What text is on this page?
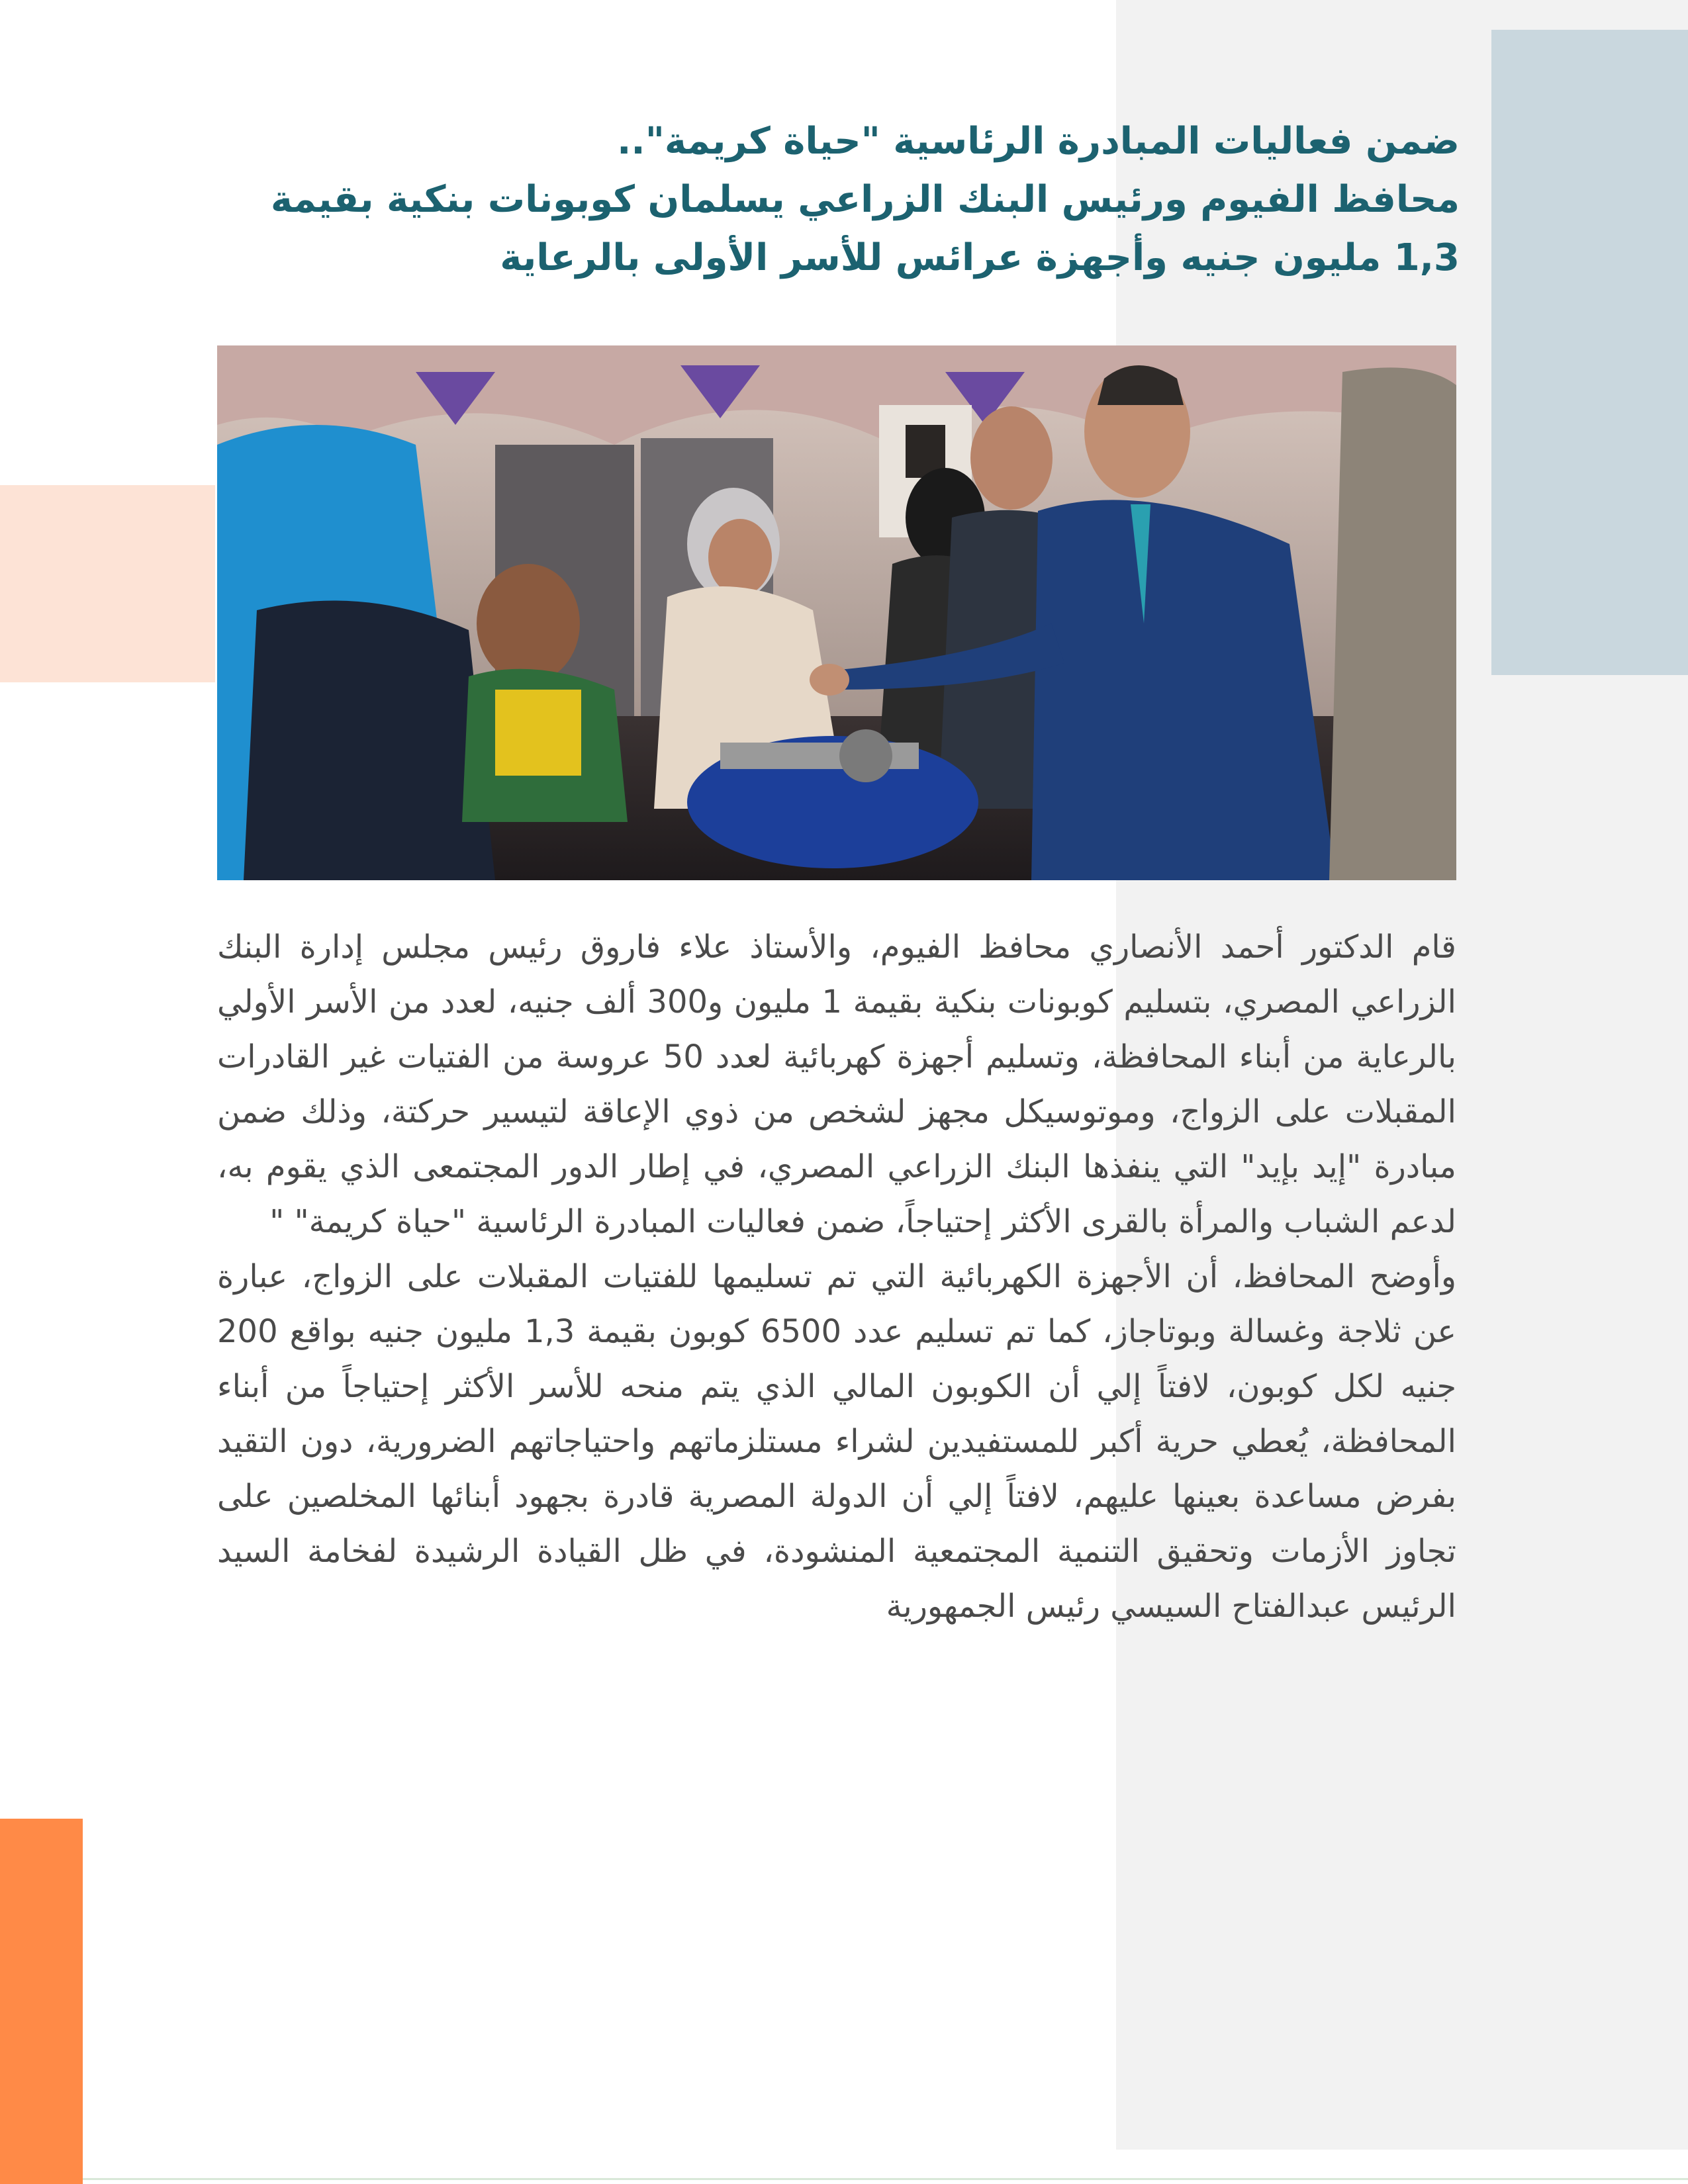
ضمن فعاليات المبادرة الرئاسية "حياة كريمة"..
محافظ الفيوم ورئيس البنك الزراعي يسلمان كوبونات بنكية بقيمة
1,3 مليون جنيه وأجهزة عرائس للأسر الأولى بالرعاية

قام الدكتور أحمد الأنصاري محافظ الفيوم، والأستاذ علاء فاروق رئيس مجلس إدارة البنك الزراعي المصري، بتسليم كوبونات بنكية بقيمة 1 مليون و300 ألف جنيه، لعدد من الأسر الأولي بالرعاية من أبناء المحافظة، وتسليم أجهزة كهربائية لعدد 50 عروسة من الفتيات غير القادرات المقبلات على الزواج، وموتوسيكل مجهز لشخص من ذوي الإعاقة لتيسير حركتة، وذلك ضمن مبادرة "إيد بإيد" التي ينفذها البنك الزراعي المصري، في إطار الدور المجتمعى الذي يقوم به، لدعم الشباب والمرأة بالقرى الأكثر إحتياجاً، ضمن فعاليات المبادرة الرئاسية "حياة كريمة" "

وأوضح المحافظ، أن الأجهزة الكهربائية التي تم تسليمها للفتيات المقبلات على الزواج، عبارة عن ثلاجة وغسالة وبوتاجاز، كما تم تسليم عدد 6500 كوبون بقيمة 1,3 مليون جنيه بواقع 200 جنيه لكل كوبون، لافتاً إلي أن الكوبون المالي الذي يتم منحه للأسر الأكثر إحتياجاً من أبناء المحافظة، يُعطي حرية أكبر للمستفيدين لشراء مستلزماتهم واحتياجاتهم الضرورية، دون التقيد بفرض مساعدة بعينها عليهم، لافتاً إلي أن الدولة المصرية قادرة بجهود أبنائها المخلصين على تجاوز الأزمات وتحقيق التنمية المجتمعية المنشودة، في ظل القيادة الرشيدة لفخامة السيد الرئيس عبدالفتاح السيسي رئيس الجمهورية
